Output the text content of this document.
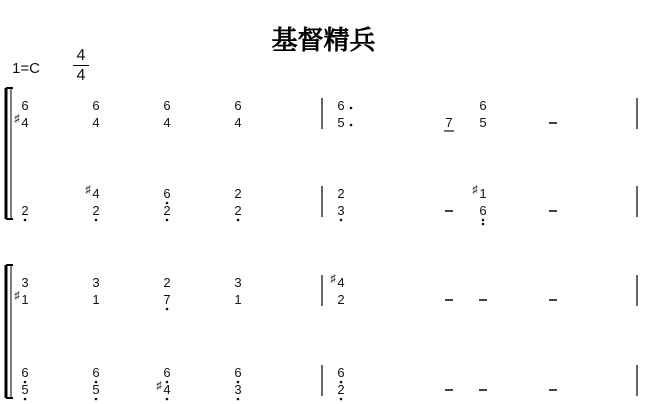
基督精兵
1=C
4
4
6	6	6	6	6	6
4
♯	4	4	4	5	7 5
4
♯	6	2	2	1
♯
2	2	2	2	3	6
3	3	2	3	4
♯
1
♯	1	7	1	2
6	6	6	6	6
5	5	4
♯	3	2
